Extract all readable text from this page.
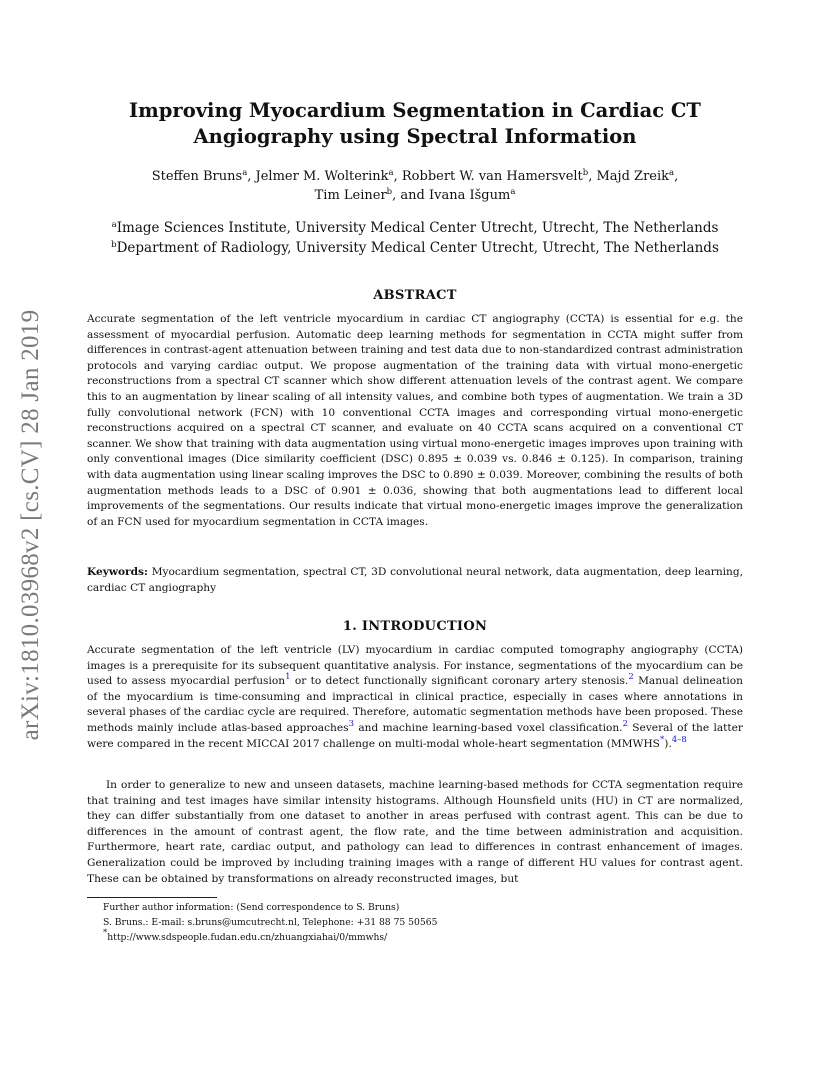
arXiv:1810.03968v2 [cs.CV] 28 Jan 2019
Improving Myocardium Segmentation in Cardiac CT
Angiography using Spectral Information
Steffen Bruns$^a$, Jelmer M. Wolterink$^a$, Robbert W. van Hamersvelt$^b$, Majd Zreik$^a$,
Tim Leiner$^b$, and Ivana Išgum$^a$
$^a$Image Sciences Institute, University Medical Center Utrecht, Utrecht, The Netherlands
$^b$Department of Radiology, University Medical Center Utrecht, Utrecht, The Netherlands
ABSTRACT
Accurate segmentation of the left ventricle myocardium in cardiac CT angiography (CCTA) is essential for e.g. the assessment of myocardial perfusion. Automatic deep learning methods for segmentation in CCTA might suffer from differences in contrast-agent attenuation between training and test data due to non-standardized contrast administration protocols and varying cardiac output. We propose augmentation of the training data with virtual mono-energetic reconstructions from a spectral CT scanner which show different attenuation levels of the contrast agent. We compare this to an augmentation by linear scaling of all intensity values, and combine both types of augmentation. We train a 3D fully convolutional network (FCN) with 10 conventional CCTA images and corresponding virtual mono-energetic reconstructions acquired on a spectral CT scanner, and evaluate on 40 CCTA scans acquired on a conventional CT scanner. We show that training with data augmentation using virtual mono-energetic images improves upon training with only conventional images (Dice similarity coefficient (DSC) 0.895 ± 0.039 vs. 0.846 ± 0.125). In comparison, training with data augmentation using linear scaling improves the DSC to 0.890 ± 0.039. Moreover, combining the results of both augmentation methods leads to a DSC of 0.901 ± 0.036, showing that both augmentations lead to different local improvements of the segmentations. Our results indicate that virtual mono-energetic images improve the generalization of an FCN used for myocardium segmentation in CCTA images.
Keywords: Myocardium segmentation, spectral CT, 3D convolutional neural network, data augmentation, deep learning, cardiac CT angiography
1. INTRODUCTION
Accurate segmentation of the left ventricle (LV) myocardium in cardiac computed tomography angiography (CCTA) images is a prerequisite for its subsequent quantitative analysis. For instance, segmentations of the myocardium can be used to assess myocardial perfusion$^1$ or to detect functionally significant coronary artery stenosis.$^2$ Manual delineation of the myocardium is time-consuming and impractical in clinical practice, especially in cases where annotations in several phases of the cardiac cycle are required. Therefore, automatic segmentation methods have been proposed. These methods mainly include atlas-based approaches$^3$ and machine learning-based voxel classification.$^2$ Several of the latter were compared in the recent MICCAI 2017 challenge on multi-modal whole-heart segmentation (MMWHS*).$^{4-8}$
In order to generalize to new and unseen datasets, machine learning-based methods for CCTA segmentation require that training and test images have similar intensity histograms. Although Hounsfield units (HU) in CT are normalized, they can differ substantially from one dataset to another in areas perfused with contrast agent. This can be due to differences in the amount of contrast agent, the flow rate, and the time between administration and acquisition. Furthermore, heart rate, cardiac output, and pathology can lead to differences in contrast enhancement of images. Generalization could be improved by including training images with a range of different HU values for contrast agent. These can be obtained by transformations on already reconstructed images, but
Further author information: (Send correspondence to S. Bruns)
S. Bruns.: E-mail: s.bruns@umcutrecht.nl, Telephone: +31 88 75 50565
*http://www.sdspeople.fudan.edu.cn/zhuangxiahai/0/mmwhs/
